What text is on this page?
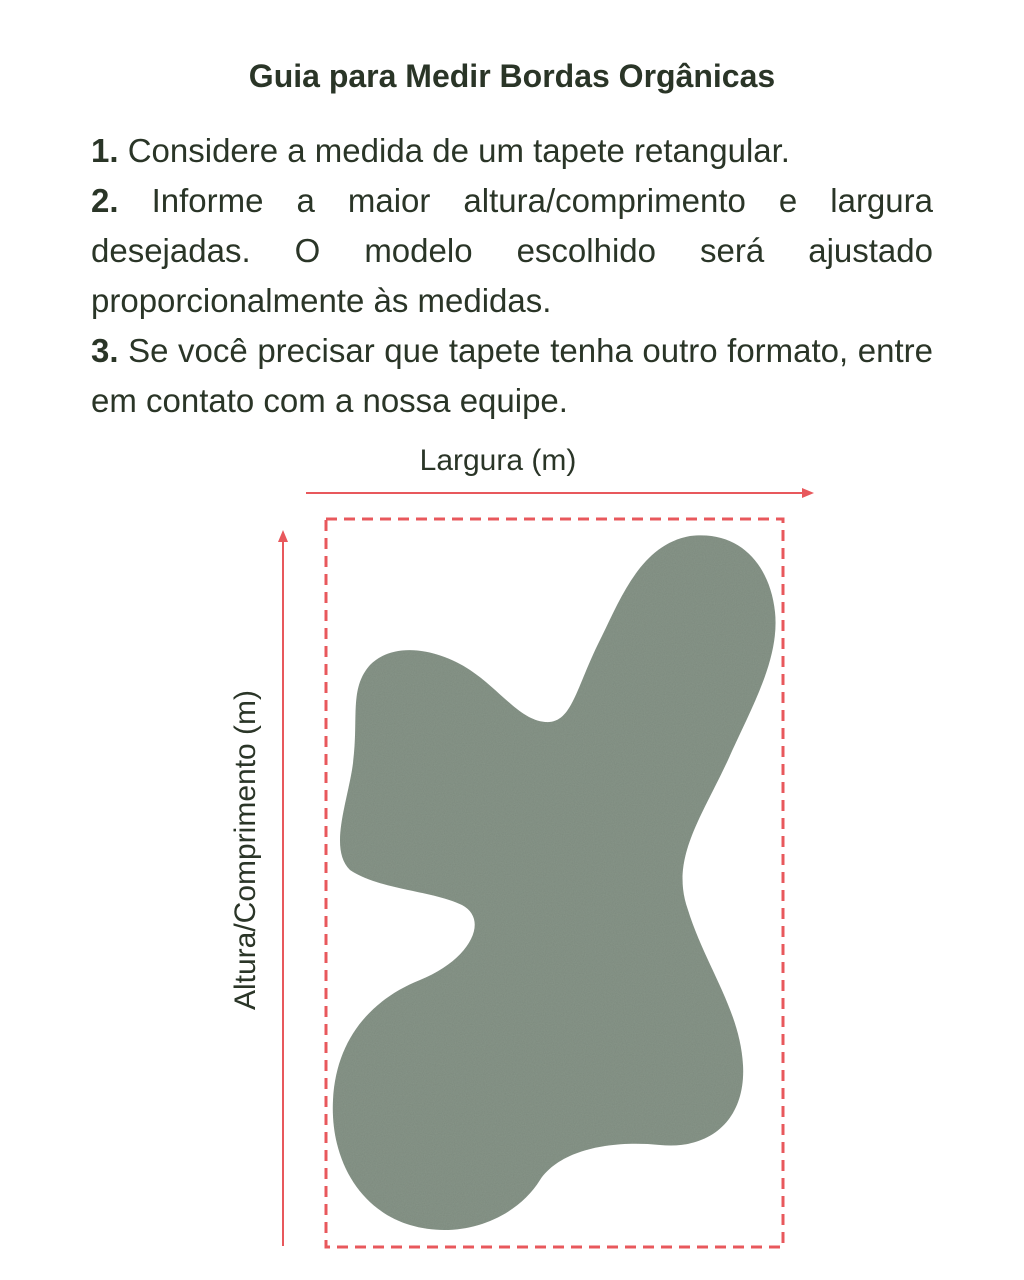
Guia para Medir Bordas Orgânicas

1. Considere a medida de um tapete retangular.

2. Informe a maior altura/comprimento e largura desejadas. O modelo escolhido será ajustado proporcionalmente às medidas.

3. Se você precisar que tapete tenha outro formato, entre em contato com a nossa equipe.

Largura (m)
Altura/Comprimento (m)
